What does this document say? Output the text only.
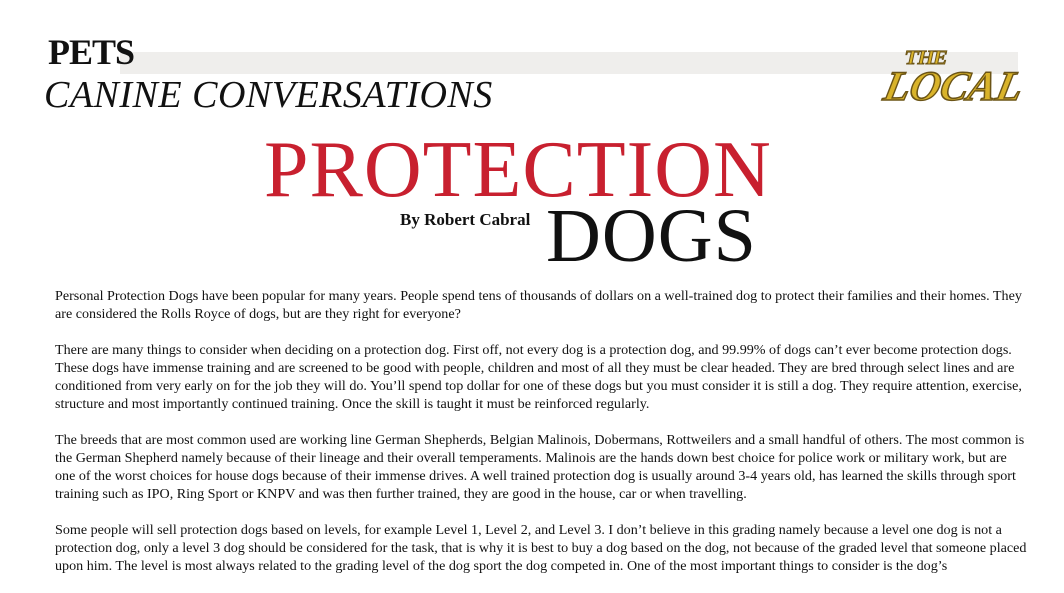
PETS
CANINE CONVERSATIONS
THE
LOCAL
PROTECTION
By Robert Cabral DOGS

Personal Protection Dogs have been popular for many years. People spend tens of thousands of dollars on a well-trained dog to protect their families and their homes. They are considered the Rolls Royce of dogs, but are they right for everyone?

There are many things to consider when deciding on a protection dog. First off, not every dog is a protection dog, and 99.99% of dogs can’t ever become protection dogs. These dogs have immense training and are screened to be good with people, children and most of all they must be clear headed. They are bred through select lines and are conditioned from very early on for the job they will do. You’ll spend top dollar for one of these dogs but you must consider it is still a dog. They require attention, exercise, structure and most importantly continued training. Once the skill is taught it must be reinforced regularly.

The breeds that are most common used are working line German Shepherds, Belgian Malinois, Dobermans, Rottweilers and a small handful of others. The most common is the German Shepherd namely because of their lineage and their overall temperaments. Malinois are the hands down best choice for police work or military work, but are one of the worst choices for house dogs because of their immense drives. A well trained protection dog is usually around 3-4 years old, has learned the skills through sport training such as IPO, Ring Sport or KNPV and was then further trained, they are good in the house, car or when travelling.

Some people will sell protection dogs based on levels, for example Level 1, Level 2, and Level 3. I don’t believe in this grading namely because a level one dog is not a protection dog, only a level 3 dog should be considered for the task, that is why it is best to buy a dog based on the dog, not because of the graded level that someone placed upon him. The level is most always related to the grading level of the dog sport the dog competed in. One of the most important things to consider is the dog’s
